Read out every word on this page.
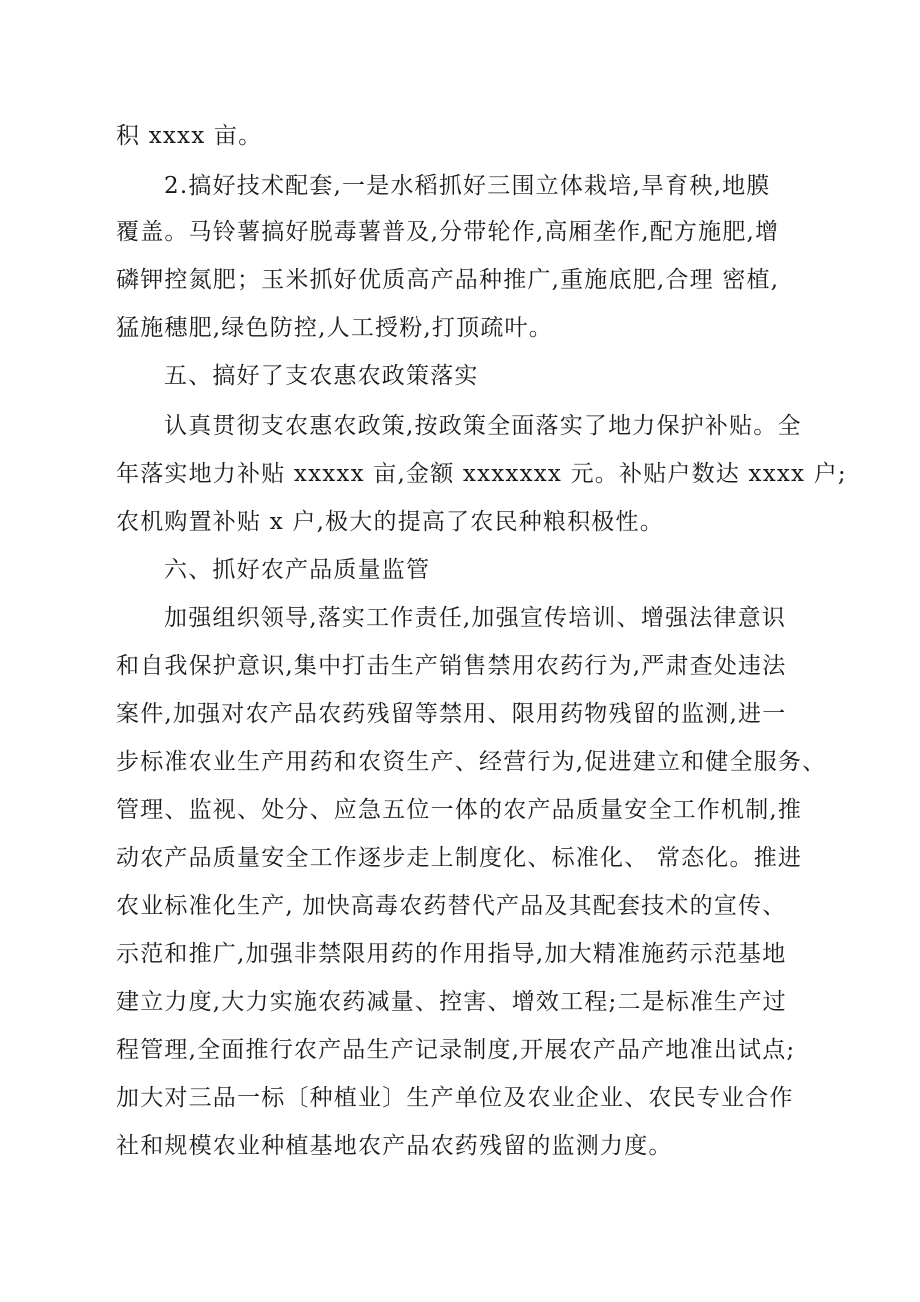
积 xxxx 亩。

2.搞好技术配套,一是水稻抓好三围立体栽培,旱育秧,地膜

覆盖。马铃薯搞好脱毒薯普及,分带轮作,高厢垄作,配方施肥,增

磷钾控氮肥；玉米抓好优质高产品种推广,重施底肥,合理 密植,

猛施穗肥,绿色防控,人工授粉,打顶疏叶。

五、搞好了支农惠农政策落实

认真贯彻支农惠农政策,按政策全面落实了地力保护补贴。全

年落实地力补贴 xxxxx 亩,金额 xxxxxxx 元。补贴户数达 xxxx 户;

农机购置补贴 x 户,极大的提高了农民种粮积极性。

六、抓好农产品质量监管

加强组织领导,落实工作责任,加强宣传培训、增强法律意识

和自我保护意识,集中打击生产销售禁用农药行为,严肃查处违法

案件,加强对农产品农药残留等禁用、限用药物残留的监测,进一

步标准农业生产用药和农资生产、经营行为,促进建立和健全服务、

管理、监视、处分、应急五位一体的农产品质量安全工作机制,推

动农产品质量安全工作逐步走上制度化、标准化、 常态化。推进

农业标准化生产, 加快高毒农药替代产品及其配套技术的宣传、

示范和推广,加强非禁限用药的作用指导,加大精准施药示范基地

建立力度,大力实施农药减量、控害、增效工程;二是标准生产过

程管理,全面推行农产品生产记录制度,开展农产品产地准出试点;

加大对三品一标〔种植业〕生产单位及农业企业、农民专业合作

社和规模农业种植基地农产品农药残留的监测力度。
